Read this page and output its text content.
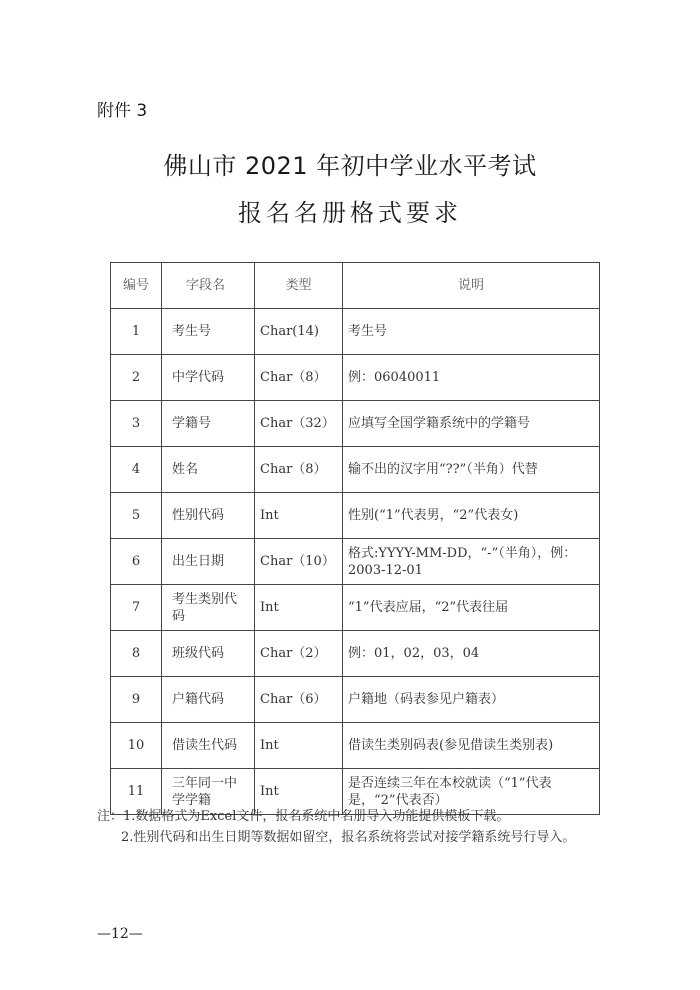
附件 3
佛山市 2021 年初中学业水平考试
报名名册格式要求
编号	字段名	类型	说明
1	考生号	Char(14)	考生号
2	中学代码	Char（8）	例：06040011
3	学籍号	Char（32）	应填写全国学籍系统中的学籍号
4	姓名	Char（8）	输不出的汉字用“??”（半角）代替
5	性别代码	Int	性别(“1”代表男，“2”代表女)
6	出生日期	Char（10）	格式:YYYY-MM-DD，“-”（半角），例：2003-12-01
7	考生类别代码	Int	“1”代表应届，“2”代表往届
8	班级代码	Char（2）	例：01，02，03，04
9	户籍代码	Char（6）	户籍地（码表参见户籍表）
10	借读生代码	Int	借读生类别码表(参见借读生类别表)
11	三年同一中学学籍	Int	是否连续三年在本校就读（“1”代表是，“2”代表否）

注：1.数据格式为Excel文件，报名系统中名册导入功能提供模板下载。

2.性别代码和出生日期等数据如留空，报名系统将尝试对接学籍系统号行导入。

—12—
